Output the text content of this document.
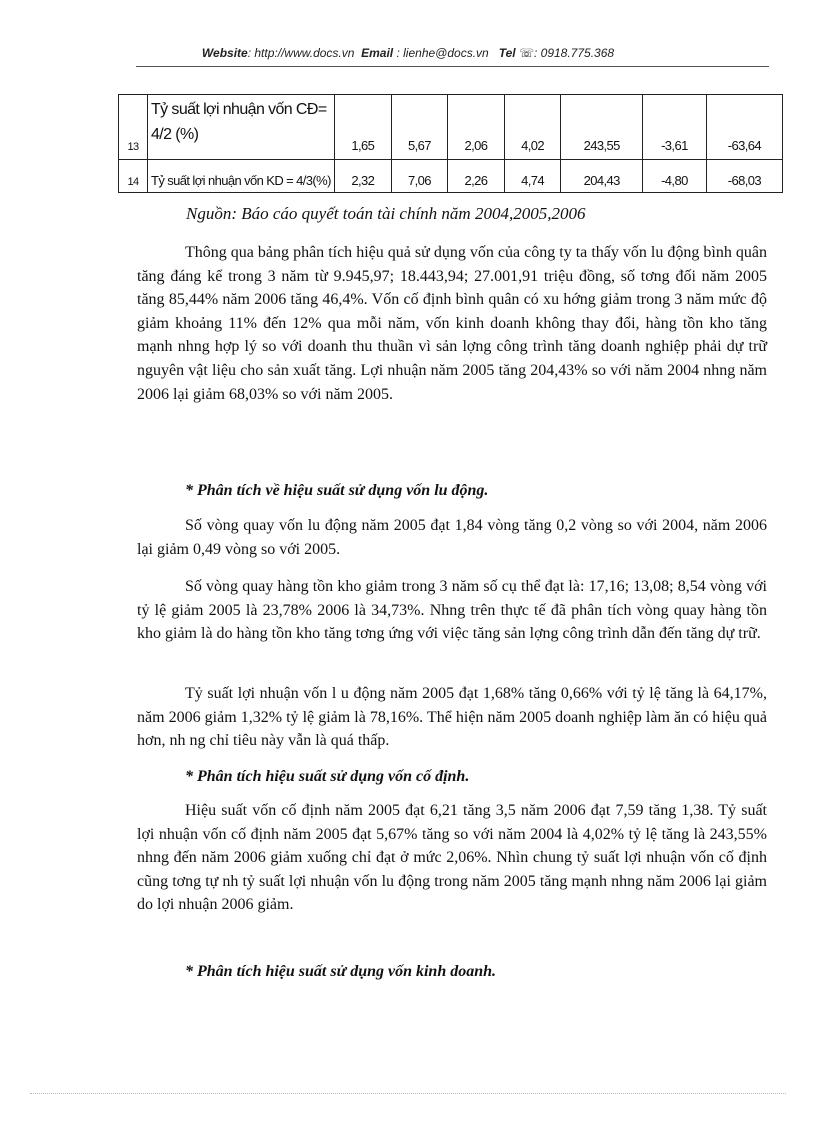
Website: http://www.docs.vn Email : lienhe@docs.vn Tel ☏: 0918.775.368
13	Tỷ suất lợi nhuận vốn CĐ= 4/2 (%)	1,65	5,67	2,06	4,02	243,55	-3,61	-63,64
14	Tỷ suất lợi nhuận vốn KD = 4/3(%)	2,32	7,06	2,26	4,74	204,43	-4,80	-68,03
Nguồn: Báo cáo quyết toán tài chính năm 2004,2005,2006

Thông qua bảng phân tích hiệu quả sử dụng vốn của công ty ta thấy vốn lu động bình quân tăng đáng kể trong 3 năm từ 9.945,97; 18.443,94; 27.001,91 triệu đồng, số tơng đối năm 2005 tăng 85,44% năm 2006 tăng 46,4%. Vốn cố định bình quân có xu hớng giảm trong 3 năm mức độ giảm khoảng 11% đến 12% qua mỗi năm, vốn kinh doanh không thay đổi, hàng tồn kho tăng mạnh nhng hợp lý so với doanh thu thuần vì sản lợng công trình tăng doanh nghiệp phải dự trữ nguyên vật liệu cho sản xuất tăng. Lợi nhuận năm 2005 tăng 204,43% so với năm 2004 nhng năm 2006 lại giảm 68,03% so với năm 2005.

* Phân tích về hiệu suất sử dụng vốn lu động.

Số vòng quay vốn lu động năm 2005 đạt 1,84 vòng tăng 0,2 vòng so với 2004, năm 2006 lại giảm 0,49 vòng so với 2005.

Số vòng quay hàng tồn kho giảm trong 3 năm số cụ thể đạt là: 17,16; 13,08; 8,54 vòng với tỷ lệ giảm 2005 là 23,78% 2006 là 34,73%. Nhng trên thực tế đã phân tích vòng quay hàng tồn kho giảm là do hàng tồn kho tăng tơng ứng với việc tăng sản lợng công trình dẫn đến tăng dự trữ.

Tỷ suất lợi nhuận vốn l u động năm 2005 đạt 1,68% tăng 0,66% với tỷ lệ tăng là 64,17%, năm 2006 giảm 1,32% tỷ lệ giảm là 78,16%. Thể hiện năm 2005 doanh nghiệp làm ăn có hiệu quả hơn, nh ng chỉ tiêu này vẫn là quá thấp.

* Phân tích hiệu suất sử dụng vốn cố định.

Hiệu suất vốn cố định năm 2005 đạt 6,21 tăng 3,5 năm 2006 đạt 7,59 tăng 1,38. Tỷ suất lợi nhuận vốn cố định năm 2005 đạt 5,67% tăng so với năm 2004 là 4,02% tỷ lệ tăng là 243,55% nhng đến năm 2006 giảm xuống chỉ đạt ở mức 2,06%. Nhìn chung tỷ suất lợi nhuận vốn cố định cũng tơng tự nh tỷ suất lợi nhuận vốn lu động trong năm 2005 tăng mạnh nhng năm 2006 lại giảm do lợi nhuận 2006 giảm.

* Phân tích hiệu suất sử dụng vốn kinh doanh.
